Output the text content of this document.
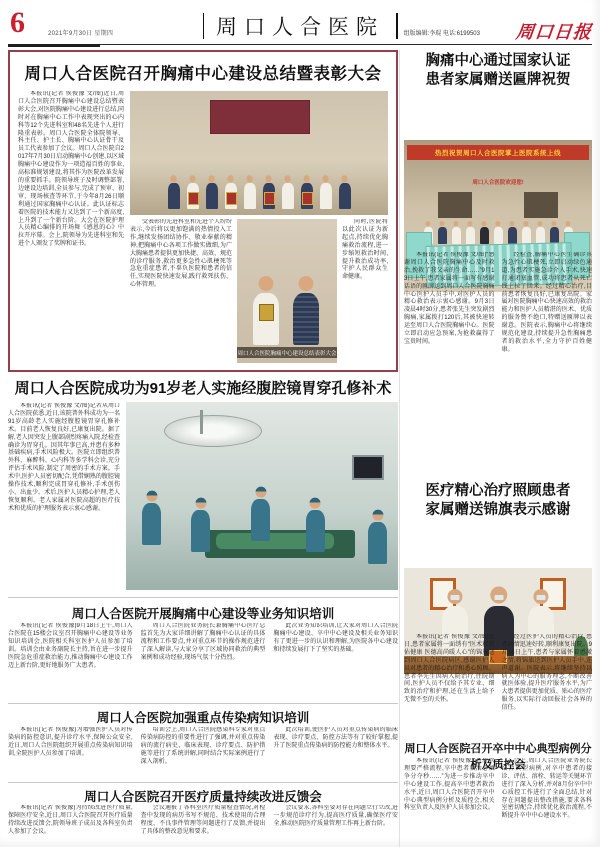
6	2021年9月30日 星期四	周口人合医院	组版编辑:李琨 电话:6199503 周口日报
周口人合医院召开胸痛中心建设总结暨表彰大会
本报讯(记者 侯俊豫 文/图)近日,周口人合医院召开胸痛中心建设总结暨表彰大会,对医院胸痛中心建设进行总结,同时对在胸痛中心工作中表现突出的心内科等12个先进科室和48名先进个人进行隆重表彰。周口人合医院全体院领导、科主任、护士长、胸痛中心认证骨干及员工代表参加了会议。周口人合医院自2017年7月30日启动胸痛中心创建,以区域胸痛中心建设作为一项造福百姓的事业,高标准规划建设,将其作为医院改革发展的重要抓手。院领导班子及时调整部署,边建设边培训,全员参与,完成了预审、初审、现场核查等环节,于今年8月26日顺利通过国家胸痛中心认证。此认证标志着医院的技术能力又达到了一个新高度,上升到了一个新台阶。大会在医院护理人员精心编排的开场舞《感恩的心》中拉开序幕。会上,院领导为先进科室和先进个人颁发了奖牌和证书。
受表彰的先进科室和先进个人纷纷表示,今后将以更加饱满的热情投入工作,继续发扬团结协作、敬业奉献的精神,把胸痛中心各项工作做实做细,为广大胸痛患者提供更加快捷、高效、规范的诊疗服务,救治更多急性心肌梗死等急危重症患者,不辜负医院和患者的信任,实现医院快速发展,践行救死扶伤、心怀管理。
周口人合医院胸痛中心建设总结表彰大会
同时,医院将以此次认证为新起点,持续优化胸痛救治流程,进一步缩短救治时间,提升救治成功率,守护人民群众生命健康。
周口人合医院成功为91岁老人实施经腹腔镜胃穿孔修补术
本报讯(记者 侯俊豫 文/图)记者从周口人合医院获悉,近日,该院普外科成功为一名91岁高龄老人实施经腹腔镜胃穿孔修补术。目前老人恢复良好,已康复出院。据了解,老人因突发上腹部剧烈疼痛入院,经检查确诊为胃穿孔。因其年事已高,并患有多种基础疾病,手术风险极大。医院立即组织普外科、麻醉科、心内科等多学科会诊,充分评估手术风险,制定了周密的手术方案。手术中,医护人员密切配合,凭借娴熟的腹腔镜操作技术,顺利完成胃穿孔修补,手术创伤小、出血少。术后,医护人员精心护理,老人恢复顺利。老人家属对医院高超的医疗技术和优质的护理服务表示衷心感谢。
周口人合医院开展胸痛中心建设等业务知识培训
本报讯(记者 侯俊豫)9月18日上午,周口人合医院在15楼会议室召开胸痛中心建设等业务知识培训会,医院相关科室医护人员参加了培训。培训会由业务副院长主持,旨在进一步提升医院急危重症救治能力,推动胸痛中心建设工作迈上新台阶,更好地服务广大患者。
周口人合医院业务院长兼胸痛中心医疗总监首先为大家详细讲解了胸痛中心认证的具体流程和工作要点,并对重点环节的操作规范进行了深入解读,与大家分享了区域协同救治的典型案例和成功经验,现场气氛十分热烈。
此次业务知识培训,让大家对周口人合医院胸痛中心建设、卒中中心建设及相关业务知识有了更进一步的认识和理解,为医院各中心建设和持续发展打下了坚实的基础。
周口人合医院加强重点传染病知识培训
本报讯(记者 侯俊豫)为增强医护人员对传染病的防控意识,提升诊疗水平,保障公众安全,近日,周口人合医院组织开展重点传染病知识培训,全院医护人员参加了培训。
培训会上,周口人合医院感染科专家对重点传染病防控的重要性进行了强调,并对重点传染病的流行病史、临床表现、诊疗要点、防护措施等进行了系统讲解,同时结合实际案例进行了深入剖析。
此次培训,使医护人员对重点传染病的临床表现、诊疗要点、防控方法等有了较好掌握,提升了医院重点传染病的防控能力和整体水平。
周口人合医院召开医疗质量持续改进反馈会
本报讯(记者 侯俊豫)为持续改进医疗质量,保障医疗安全,近日,周口人合医院召开医疗质量持续改进反馈会,院领导班子成员及各科室负责人参加了会议。
会议通报了各科室医疗质量检查情况,对检查中发现的病历书写不规范、技术使用的合理程度、不良事件管理等问题进行了反馈,并提出了具体的整改意见和要求。
会议要求,各科室要对存在问题立行立改,进一步规范诊疗行为,提高医疗质量,确保医疗安全,推动医院医疗质量管理工作再上新台阶。
胸痛中心通过国家认证
患者家属赠送匾牌祝贺
热烈祝贺周口人合医院掌上医院系统上线
周口人合医院欢迎您!
本报讯(记者 侯俊豫 文/图)“感谢周口人合医院胸痛中心及时救治,挽救了我父亲的生命……”9月13日上午,患者家属将一面写有感谢话语的匾牌送到周口人合医院胸痛中心医护人员手中,对医护人员的精心救治表示衷心感谢。9月3日凌晨4时30分,患者张先生突发剧烈胸痛,家属拨打120后,其被快速转运至周口人合医院胸痛中心。医院立即启动应急预案,为抢救赢得了宝贵时间。
经检查,胸痛中心医生确诊其为急性心肌梗死,立即启动绿色通道,为患者实施急诊介入手术,快速打通闭塞血管,成功将患者从死亡线上拉了回来。经过精心治疗,目前患者恢复良好,已康复出院。家属对医院胸痛中心快速高效的救治能力和医护人员精湛的医术、优质的服务赞不绝口,特赠送匾牌以表谢意。医院表示,胸痛中心将继续规范化建设,持续提升急性胸痛患者的救治水平,全力守护百姓健康。
医疗精心治疗照顾患者
家属赠送锦旗表示感谢
本报讯(记者 侯俊豫 文/图)近日,患者家属将一面绣有“医术精湛佑健康 医德高尚暖人心”的锦旗送到周口人合医院病区,感谢医护人员对患者的精心治疗和悉心照顾。患者李先生因病入院治疗,住院期间,医护人员不仅给予其专业、细致的治疗和护理,还在生活上给予无微不至的关怀。
经过医护人员的精心治疗,患者病情迅速好转,顺利康复出院。9月16日上午,患者与家属怀着感激之情,将锦旗送到医护人员手中,连声道谢。医院表示,将继续坚持以病人为中心的服务理念,不断改善就医体验,提升医疗服务水平,为广大患者提供更加优质、贴心的医疗服务,以实际行动回报社会各界的信任。
周口人合医院召开卒中中心典型病例分析及质控会
本报讯(记者 侯俊豫)“查房管理要严格流程,卒中患者救治必须争分夺秒……”为进一步推动卒中中心建设工作,提高卒中患者救治水平,近日,周口人合医院召开卒中中心典型病例分析及质控会,相关科室负责人及医护人员参加会议。
会上,周口人合医院业务院长结合典型病例,对卒中患者的接诊、评估、溶栓、转运等关键环节进行了深入分析,并对8月份卒中中心质控工作进行了全面总结,针对存在问题提出整改措施,要求各科室密切配合,持续优化救治流程,不断提升卒中中心建设水平。
